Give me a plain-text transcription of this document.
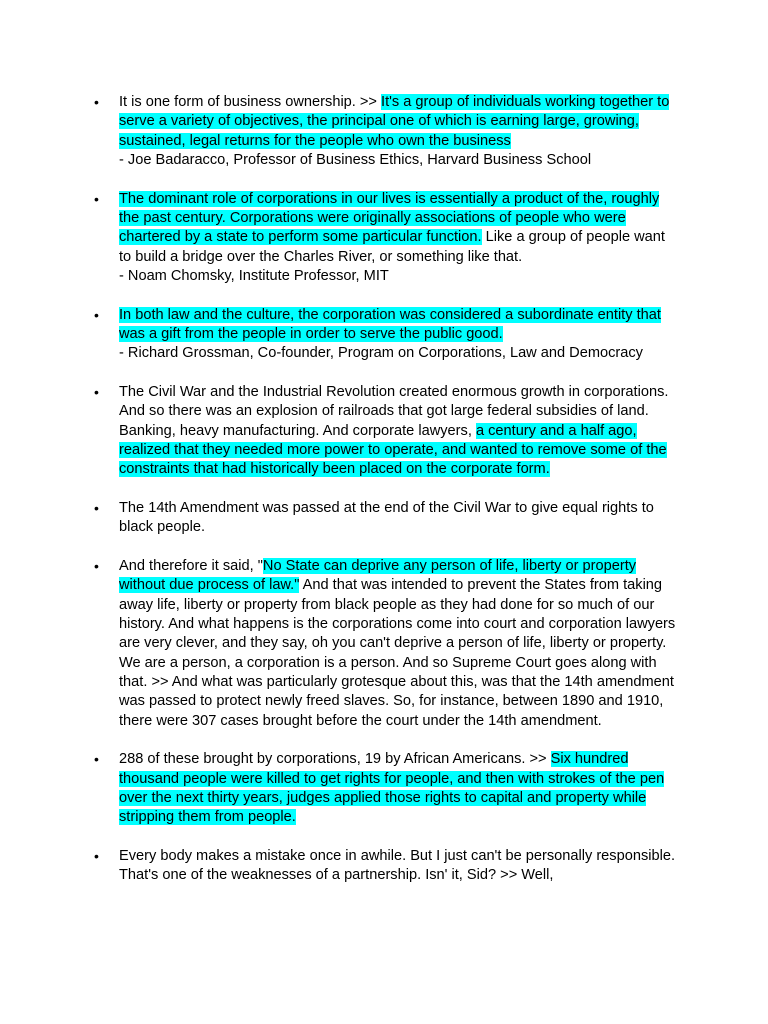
• It is one form of business ownership. >> It's a group of individuals working together to serve a variety of objectives, the principal one of which is earning large, growing, sustained, legal returns for the people who own the business
- Joe Badaracco, Professor of Business Ethics, Harvard Business School
• The dominant role of corporations in our lives is essentially a product of the, roughly the past century. Corporations were originally associations of people who were chartered by a state to perform some particular function. Like a group of people want to build a bridge over the Charles River, or something like that.
- Noam Chomsky, Institute Professor, MIT
• In both law and the culture, the corporation was considered a subordinate entity that was a gift from the people in order to serve the public good.
- Richard Grossman, Co-founder, Program on Corporations, Law and Democracy
• The Civil War and the Industrial Revolution created enormous growth in corporations. And so there was an explosion of railroads that got large federal subsidies of land. Banking, heavy manufacturing. And corporate lawyers, a century and a half ago, realized that they needed more power to operate, and wanted to remove some of the constraints that had historically been placed on the corporate form.
• The 14th Amendment was passed at the end of the Civil War to give equal rights to black people.
• And therefore it said, "No State can deprive any person of life, liberty or property without due process of law." And that was intended to prevent the States from taking away life, liberty or property from black people as they had done for so much of our history. And what happens is the corporations come into court and corporation lawyers are very clever, and they say, oh you can't deprive a person of life, liberty or property. We are a person, a corporation is a person. And so Supreme Court goes along with that. >> And what was particularly grotesque about this, was that the 14th amendment was passed to protect newly freed slaves. So, for instance, between 1890 and 1910, there were 307 cases brought before the court under the 14th amendment.
• 288 of these brought by corporations, 19 by African Americans. >> Six hundred thousand people were killed to get rights for people, and then with strokes of the pen over the next thirty years, judges applied those rights to capital and property while stripping them from people.
• Every body makes a mistake once in awhile. But I just can't be personally responsible. That's one of the weaknesses of a partnership. Isn' it, Sid? >> Well,
